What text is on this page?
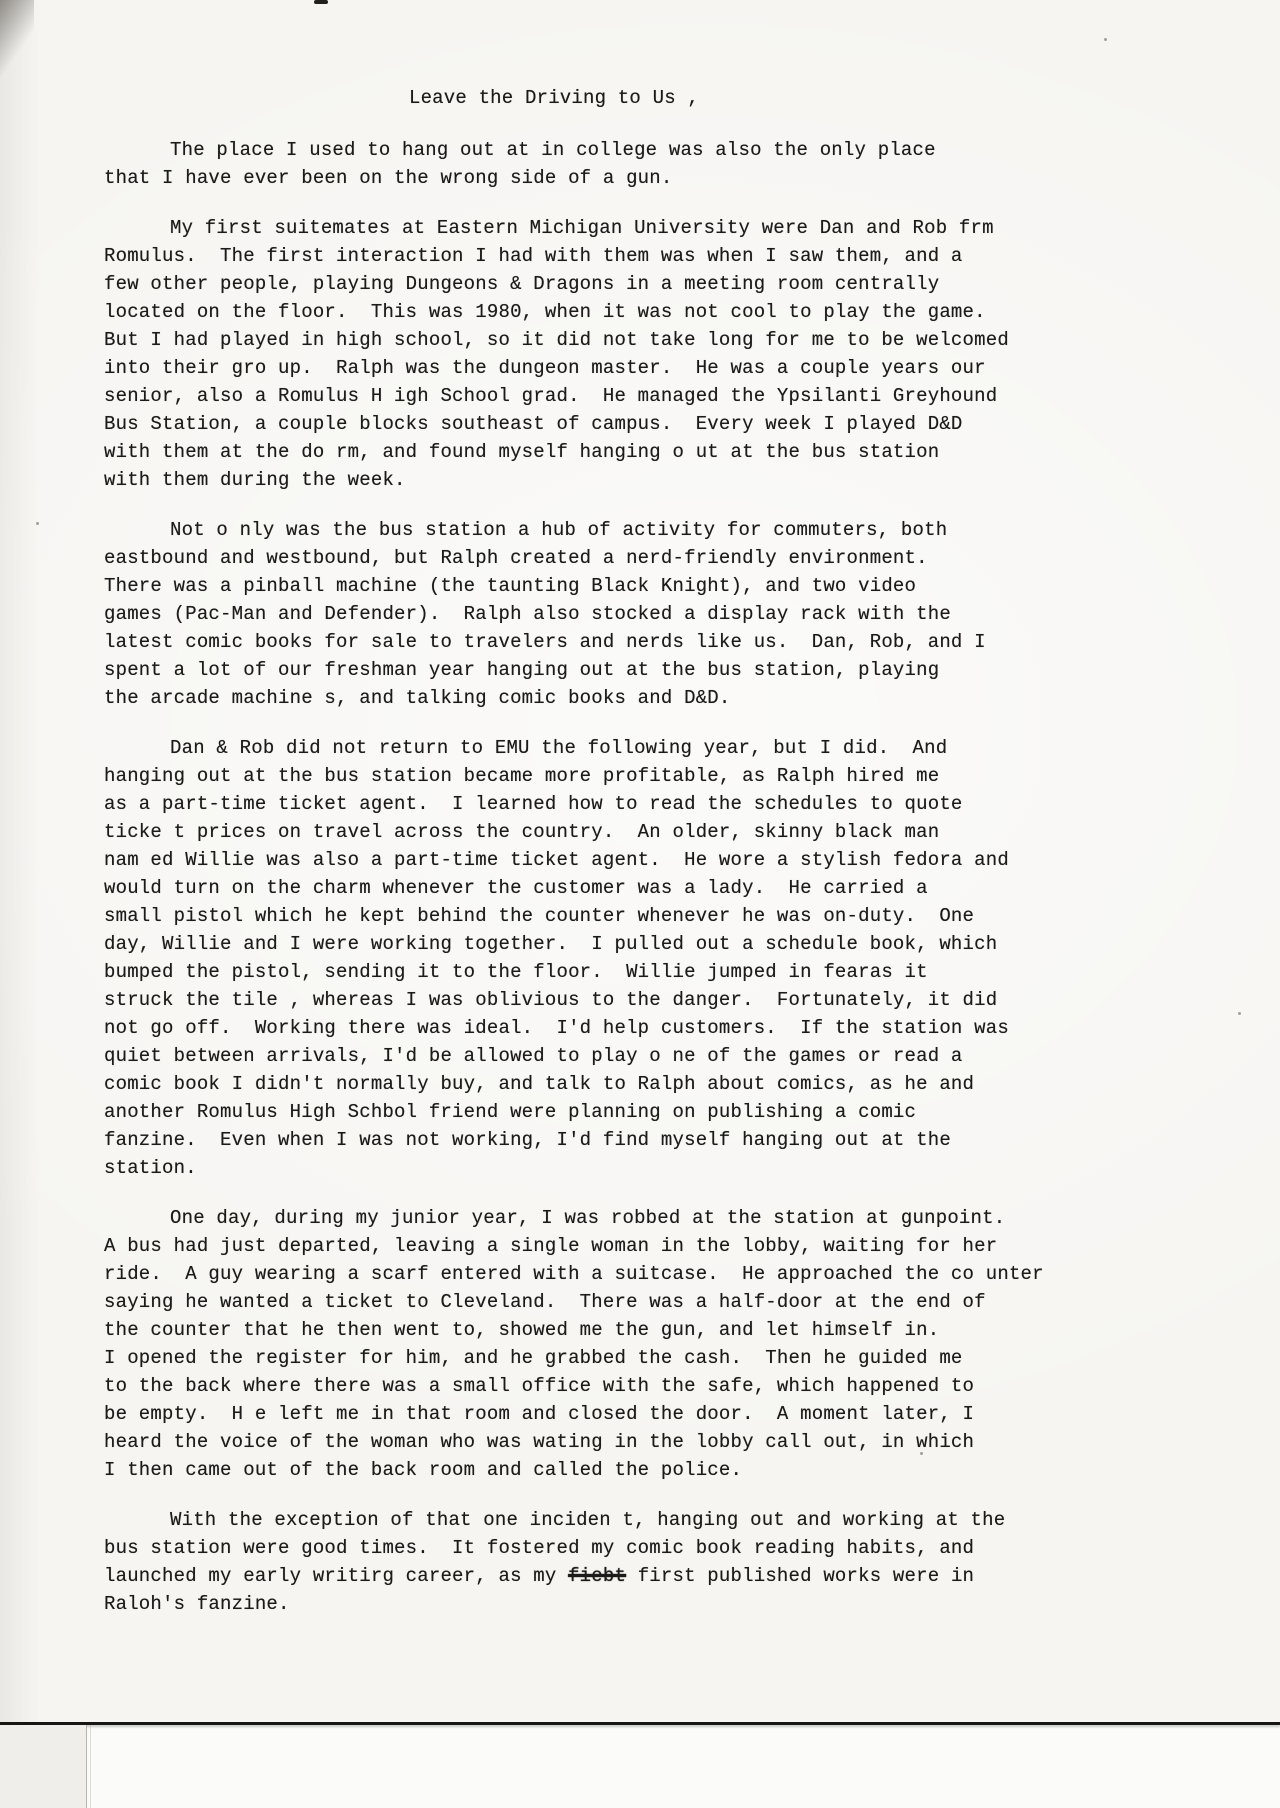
Leave the Driving to Us ,
The place I used to hang out at in college was also the only place
that I have ever been on the wrong side of a gun.
My first suitemates at Eastern Michigan University were Dan and Rob frm
Romulus.  The first interaction I had with them was when I saw them, and a
few other people, playing Dungeons & Dragons in a meeting room centrally
located on the floor.  This was 1980, when it was not cool to play the game.
But I had played in high school, so it did not take long for me to be welcomed
into their gro up.  Ralph was the dungeon master.  He was a couple years our
senior, also a Romulus H igh School grad.  He managed the Ypsilanti Greyhound
Bus Station, a couple blocks southeast of campus.  Every week I played D&D
with them at the do rm, and found myself hanging o ut at the bus station
with them during the week.
Not o nly was the bus station a hub of activity for commuters, both
eastbound and westbound, but Ralph created a nerd-friendly environment.
There was a pinball machine (the taunting Black Knight), and two video
games (Pac-Man and Defender).  Ralph also stocked a display rack with the
latest comic books for sale to travelers and nerds like us.  Dan, Rob, and I
spent a lot of our freshman year hanging out at the bus station, playing
the arcade machine s, and talking comic books and D&D.
Dan & Rob did not return to EMU the following year, but I did.  And
hanging out at the bus station became more profitable, as Ralph hired me
as a part-time ticket agent.  I learned how to read the schedules to quote
ticke t prices on travel across the country.  An older, skinny black man
nam ed Willie was also a part-time ticket agent.  He wore a stylish fedora and
would turn on the charm whenever the customer was a lady.  He carried a
small pistol which he kept behind the counter whenever he was on-duty.  One
day, Willie and I were working together.  I pulled out a schedule book, which
bumped the pistol, sending it to the floor.  Willie jumped in fearas it
struck the tile , whereas I was oblivious to the danger.  Fortunately, it did
not go off.  Working there was ideal.  I'd help customers.  If the station was
quiet between arrivals, I'd be allowed to play o ne of the games or read a
comic book I didn't normally buy, and talk to Ralph about comics, as he and
another Romulus High Schbol friend were planning on publishing a comic
fanzine.  Even when I was not working, I'd find myself hanging out at the
station.
One day, during my junior year, I was robbed at the station at gunpoint.
A bus had just departed, leaving a single woman in the lobby, waiting for her
ride.  A guy wearing a scarf entered with a suitcase.  He approached the co unter
saying he wanted a ticket to Cleveland.  There was a half-door at the end of
the counter that he then went to, showed me the gun, and let himself in.
I opened the register for him, and he grabbed the cash.  Then he guided me
to the back where there was a small office with the safe, which happened to
be empty.  H e left me in that room and closed the door.  A moment later, I
heard the voice of the woman who was wating in the lobby call out, in which
I then came out of the back room and called the police.
With the exception of that one inciden t, hanging out and working at the
bus station were good times.  It fostered my comic book reading habits, and
launched my early writirg career, as my fiebt first published works were in
Raloh's fanzine.
